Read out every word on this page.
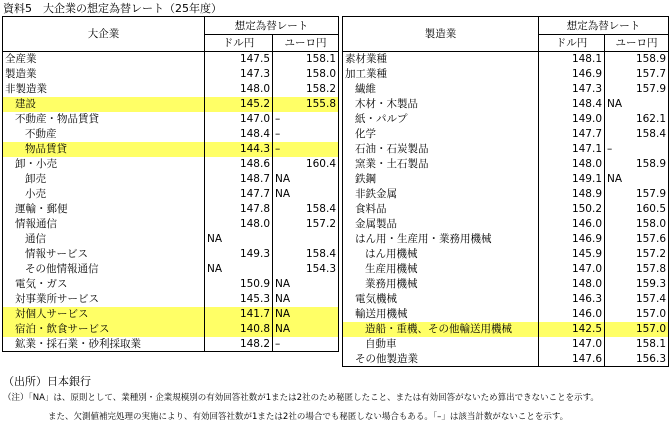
資料5　大企業の想定為替レート（25年度）
大企業	想定為替レート	
	ドル円	ユーロ円
全産業	147.5	158.1
製造業	147.3	158.0
非製造業	148.0	158.2
建設	145.2	155.8
不動産・物品賃貸	147.0	–
不動産	148.4	–
物品賃貸	144.3	–
卸・小売	148.6	160.4
卸売	148.7	NA
小売	147.7	NA
運輸・郵便	147.8	158.4
情報通信	148.0	157.2
通信	NA	
情報サービス	149.3	158.4
その他情報通信	NA	154.3
電気・ガス	150.9	NA
対事業所サービス	145.3	NA
対個人サービス	141.7	NA
宿泊・飲食サービス	140.8	NA
鉱業・採石業・砂利採取業	148.2	–
製造業	想定為替レート	
	ドル円	ユーロ円
素材業種	148.1	158.9
加工業種	146.9	157.7
繊維	147.3	157.9
木材・木製品	148.4	NA
紙・パルプ	149.0	162.1
化学	147.7	158.4
石油・石炭製品	147.1	–
窯業・土石製品	148.0	158.9
鉄鋼	149.1	NA
非鉄金属	148.9	157.9
食料品	150.2	160.5
金属製品	146.0	158.0
はん用・生産用・業務用機械	146.9	157.6
はん用機械	145.9	157.2
生産用機械	147.0	157.8
業務用機械	148.0	159.3
電気機械	146.3	157.4
輸送用機械	146.0	157.0
造船・重機、その他輸送用機械	142.5	157.0
自動車	147.0	158.1
その他製造業	147.6	156.3
（出所）日本銀行
（注）「NA」は、原則として、業種別・企業規模別の有効回答社数が1または2社のため秘匿したこと、または有効回答がないため算出できないことを示す。
また、欠測値補完処理の実施により、有効回答社数が1または2社の場合でも秘匿しない場合もある。「–」は該当計数がないことを示す。
